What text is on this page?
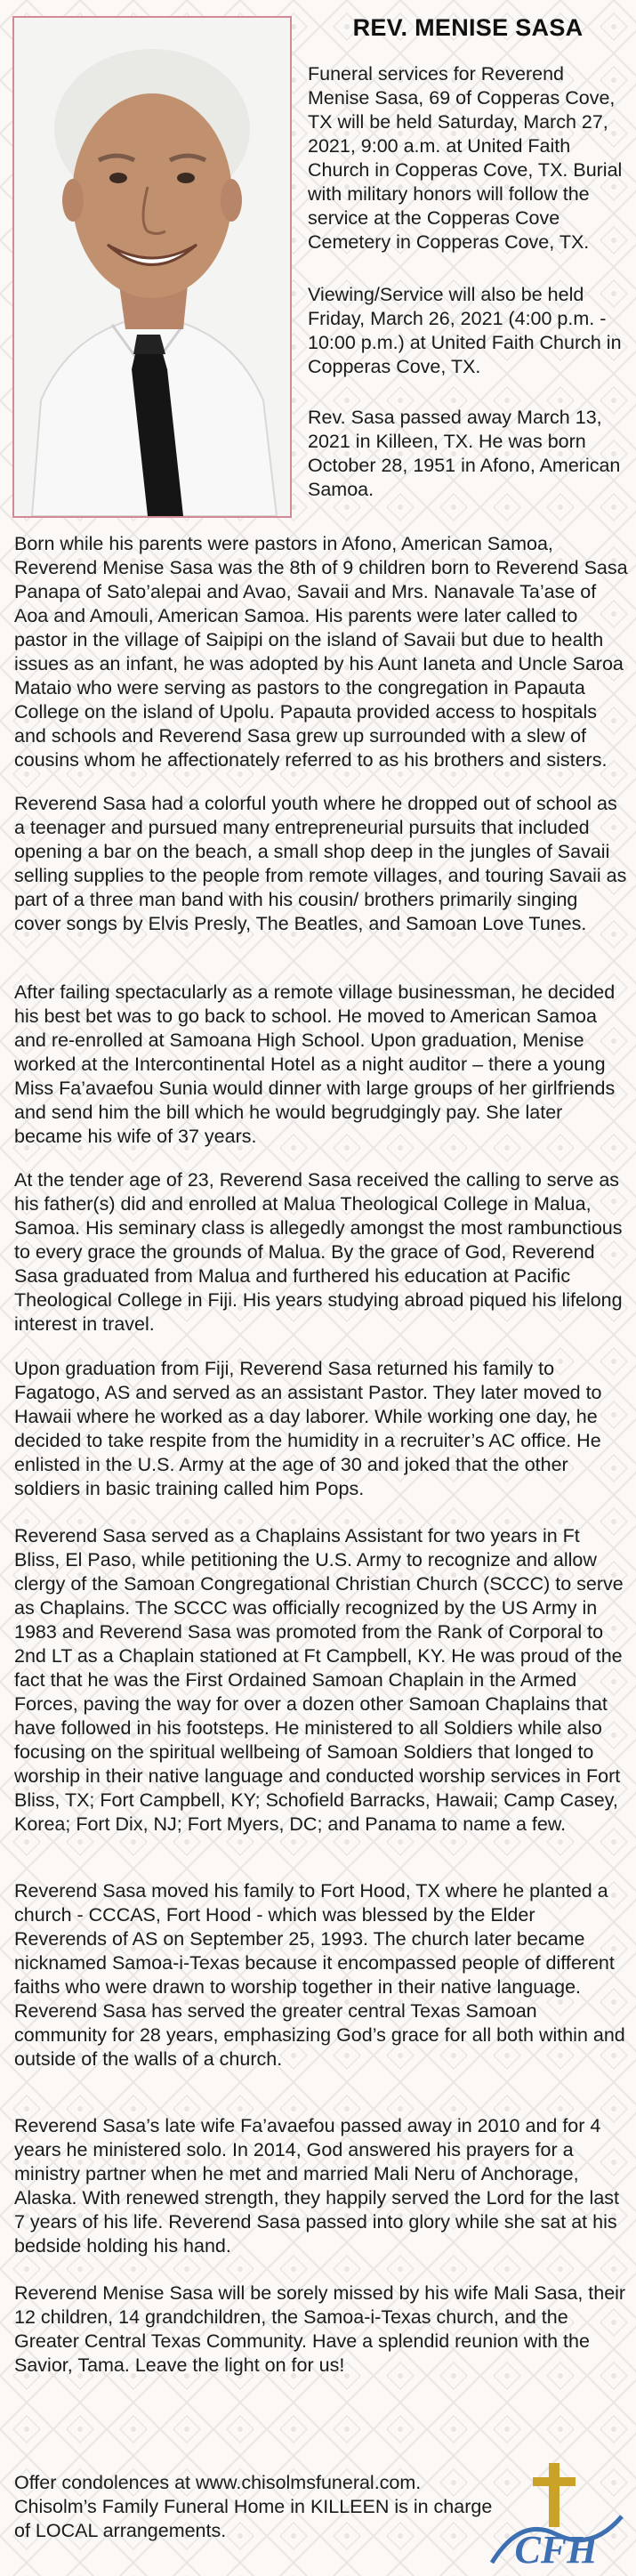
REV. MENISE SASA

Funeral services for Reverend Menise Sasa, 69 of Copperas Cove, TX will be held Saturday, March 27, 2021, 9:00 a.m. at United Faith Church in Copperas Cove, TX. Burial with military honors will follow the service at the Copperas Cove Cemetery in Copperas Cove, TX.

Viewing/Service will also be held Friday, March 26, 2021 (4:00 p.m. - 10:00 p.m.) at United Faith Church in Copperas Cove, TX.

Rev. Sasa passed away March 13, 2021 in Killeen, TX. He was born October 28, 1951 in Afono, American Samoa.

Born while his parents were pastors in Afono, American Samoa, Reverend Menise Sasa was the 8th of 9 children born to Reverend Sasa Panapa of Sato’alepai and Avao, Savaii and Mrs. Nanavale Ta’ase of Aoa and Amouli, American Samoa. His parents were later called to pastor in the village of Saipipi on the island of Savaii but due to health issues as an infant, he was adopted by his Aunt Ianeta and Uncle Saroa Mataio who were serving as pastors to the congregation in Papauta College on the island of Upolu. Papauta provided access to hospitals and schools and Reverend Sasa grew up surrounded with a slew of cousins whom he affectionately referred to as his brothers and sisters.

Reverend Sasa had a colorful youth where he dropped out of school as a teenager and pursued many entrepreneurial pursuits that included opening a bar on the beach, a small shop deep in the jungles of Savaii selling supplies to the people from remote villages, and touring Savaii as part of a three man band with his cousin/ brothers primarily singing cover songs by Elvis Presly, The Beatles, and Samoan Love Tunes.

After failing spectacularly as a remote village businessman, he decided his best bet was to go back to school. He moved to American Samoa and re-enrolled at Samoana High School. Upon graduation, Menise worked at the Intercontinental Hotel as a night auditor – there a young Miss Fa’avaefou Sunia would dinner with large groups of her girlfriends and send him the bill which he would begrudgingly pay. She later became his wife of 37 years.

At the tender age of 23, Reverend Sasa received the calling to serve as his father(s) did and enrolled at Malua Theological College in Malua, Samoa. His seminary class is allegedly amongst the most rambunctious to every grace the grounds of Malua. By the grace of God, Reverend Sasa graduated from Malua and furthered his education at Pacific Theological College in Fiji. His years studying abroad piqued his lifelong interest in travel.

Upon graduation from Fiji, Reverend Sasa returned his family to Fagatogo, AS and served as an assistant Pastor. They later moved to Hawaii where he worked as a day laborer. While working one day, he decided to take respite from the humidity in a recruiter’s AC office. He enlisted in the U.S. Army at the age of 30 and joked that the other soldiers in basic training called him Pops.

Reverend Sasa served as a Chaplains Assistant for two years in Ft Bliss, El Paso, while petitioning the U.S. Army to recognize and allow clergy of the Samoan Congregational Christian Church (SCCC) to serve as Chaplains. The SCCC was officially recognized by the US Army in 1983 and Reverend Sasa was promoted from the Rank of Corporal to 2nd LT as a Chaplain stationed at Ft Campbell, KY. He was proud of the fact that he was the First Ordained Samoan Chaplain in the Armed Forces, paving the way for over a dozen other Samoan Chaplains that have followed in his footsteps. He ministered to all Soldiers while also focusing on the spiritual wellbeing of Samoan Soldiers that longed to worship in their native language and conducted worship services in Fort Bliss, TX; Fort Campbell, KY; Schofield Barracks, Hawaii; Camp Casey, Korea; Fort Dix, NJ; Fort Myers, DC; and Panama to name a few.

Reverend Sasa moved his family to Fort Hood, TX where he planted a church - CCCAS, Fort Hood - which was blessed by the Elder Reverends of AS on September 25, 1993. The church later became nicknamed Samoa-i-Texas because it encompassed people of different faiths who were drawn to worship together in their native language. Reverend Sasa has served the greater central Texas Samoan community for 28 years, emphasizing God’s grace for all both within and outside of the walls of a church.

Reverend Sasa’s late wife Fa’avaefou passed away in 2010 and for 4 years he ministered solo. In 2014, God answered his prayers for a ministry partner when he met and married Mali Neru of Anchorage, Alaska. With renewed strength, they happily served the Lord for the last 7 years of his life. Reverend Sasa passed into glory while she sat at his bedside holding his hand.

Reverend Menise Sasa will be sorely missed by his wife Mali Sasa, their 12 children, 14 grandchildren, the Samoa-i-Texas church, and the Greater Central Texas Community. Have a splendid reunion with the Savior, Tama. Leave the light on for us!

Offer condolences at www.chisolmsfuneral.com. Chisolm’s Family Funeral Home in KILLEEN is in charge of LOCAL arrangements.	CFH
